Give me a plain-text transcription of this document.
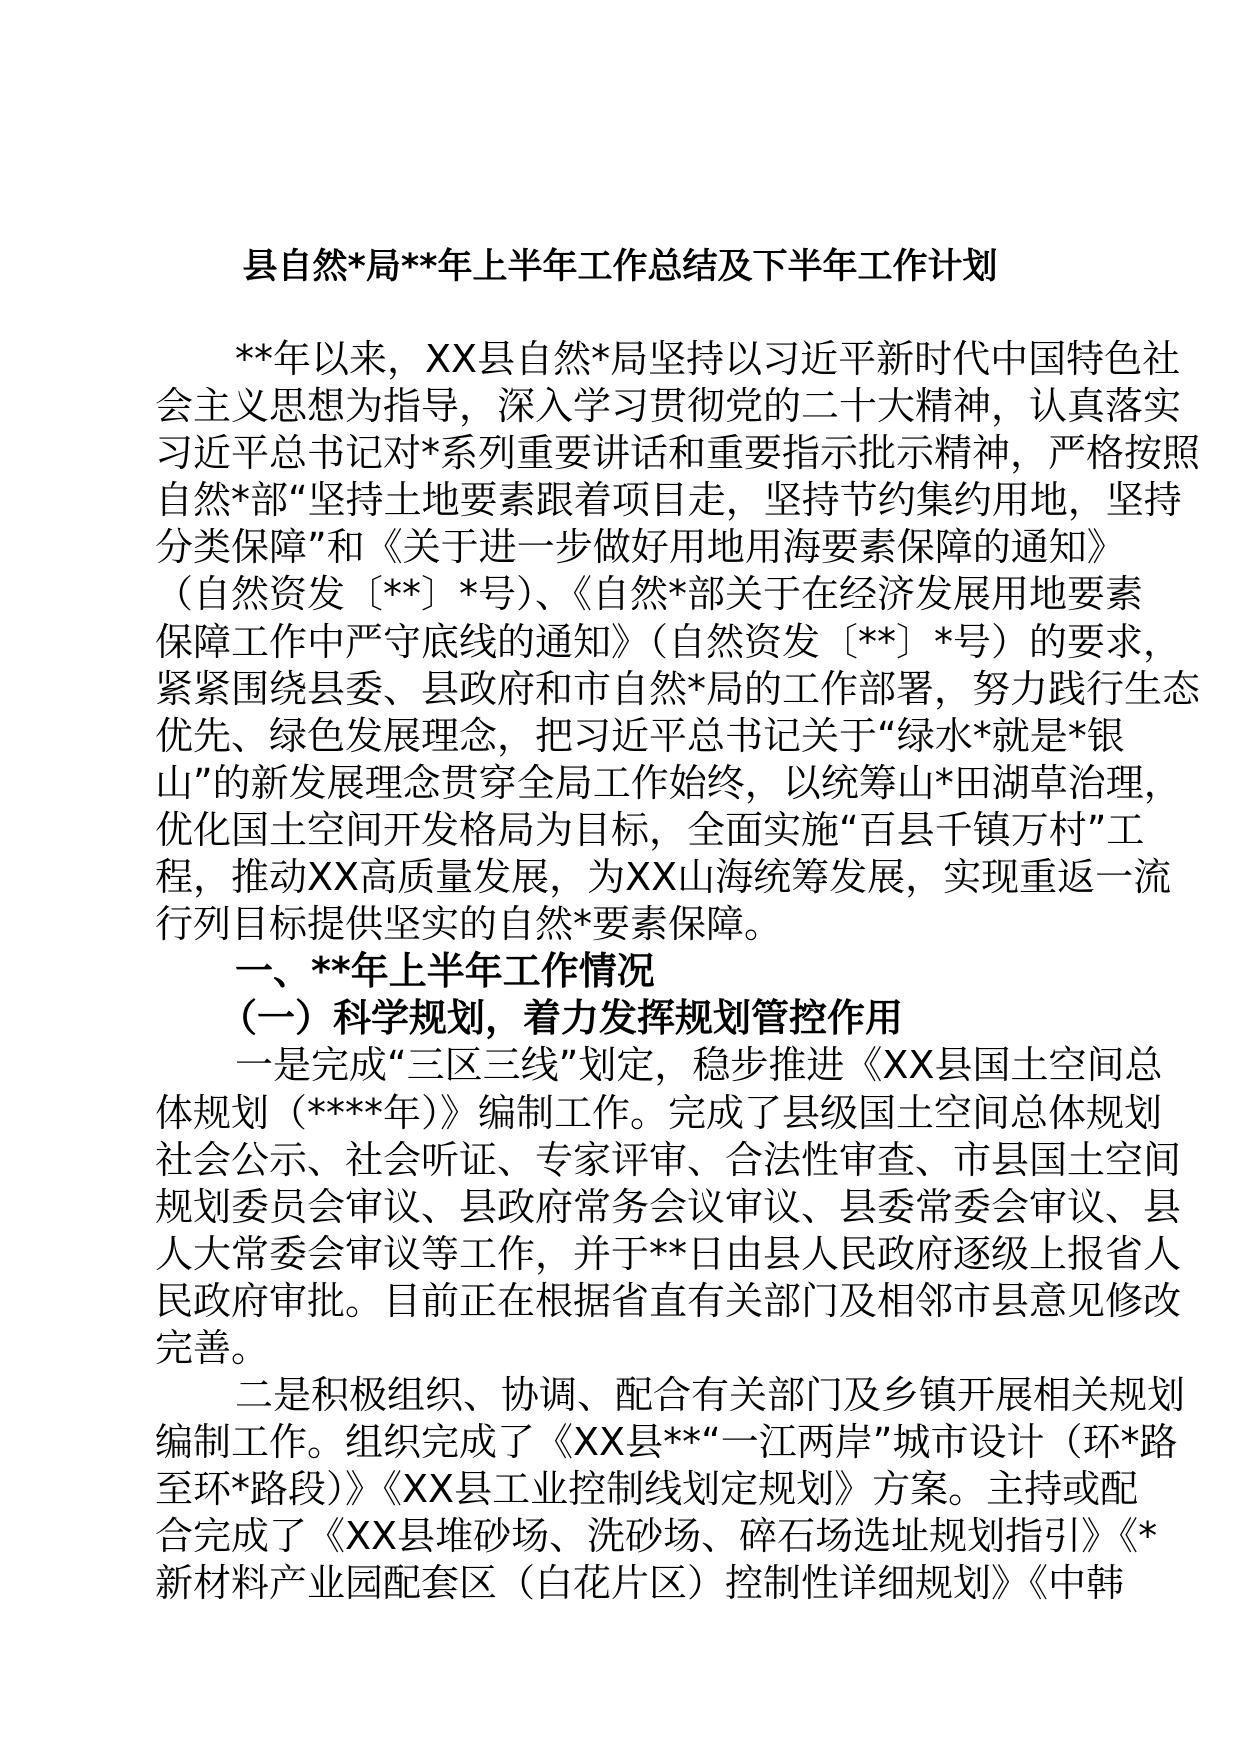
县自然*局**年上半年工作总结及下半年工作计划
**年以来，XX县自然*局坚持以习近平新时代中国特色社
会主义思想为指导，深入学习贯彻党的二十大精神，认真落实
习近平总书记对*系列重要讲话和重要指示批示精神，严格按照
自然*部“坚持土地要素跟着项目走，坚持节约集约用地，坚持
分类保障”和《关于进一步做好用地用海要素保障的通知》
（自然资发〔**〕*号）、《自然*部关于在经济发展用地要素
保障工作中严守底线的通知》（自然资发〔**〕*号）的要求，
紧紧围绕县委、县政府和市自然*局的工作部署，努力践行生态
优先、绿色发展理念，把习近平总书记关于“绿水*就是*银
山”的新发展理念贯穿全局工作始终，以统筹山*田湖草治理，
优化国土空间开发格局为目标，全面实施“百县千镇万村”工
程，推动XX高质量发展，为XX山海统筹发展，实现重返一流
行列目标提供坚实的自然*要素保障。
一、**年上半年工作情况
（一）科学规划，着力发挥规划管控作用
一是完成“三区三线”划定，稳步推进《XX县国土空间总
体规划（****年）》编制工作。完成了县级国土空间总体规划
社会公示、社会听证、专家评审、合法性审查、市县国土空间
规划委员会审议、县政府常务会议审议、县委常委会审议、县
人大常委会审议等工作，并于**日由县人民政府逐级上报省人
民政府审批。目前正在根据省直有关部门及相邻市县意见修改
完善。
二是积极组织、协调、配合有关部门及乡镇开展相关规划
编制工作。组织完成了《XX县**“一江两岸”城市设计（环*路
至环*路段）》《XX县工业控制线划定规划》方案。主持或配
合完成了《XX县堆砂场、洗砂场、碎石场选址规划指引》《*
新材料产业园配套区（白花片区）控制性详细规划》《中韩
